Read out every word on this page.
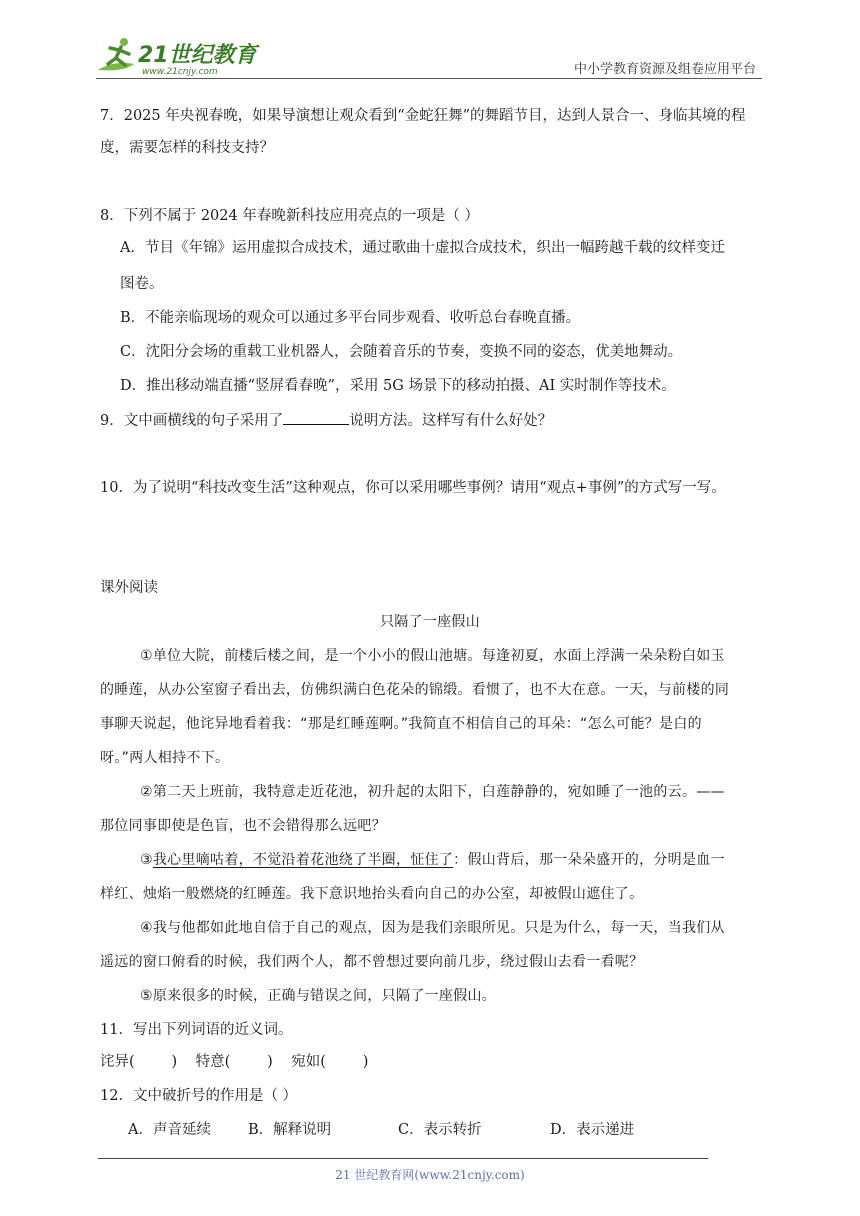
21世纪教育
www.21cnjy.com	中小学教育资源及组卷应用平台
7．2025 年央视春晚，如果导演想让观众看到“金蛇狂舞”的舞蹈节目，达到人景合一、身临其境的程
度，需要怎样的科技支持？
8．下列不属于 2024 年春晚新科技应用亮点的一项是（ ）
A．节目《年锦》运用虚拟合成技术，通过歌曲十虚拟合成技术，织出一幅跨越千载的纹样变迁
图卷。
B．不能亲临现场的观众可以通过多平台同步观看、收听总台春晚直播。
C．沈阳分会场的重载工业机器人，会随着音乐的节奏，变换不同的姿态，优美地舞动。
D．推出移动端直播“竖屏看春晚”，采用 5G 场景下的移动拍摄、AI 实时制作等技术。
9．文中画横线的句子采用了	说明方法。这样写有什么好处？
10．为了说明“科技改变生活”这种观点，你可以采用哪些事例？请用“观点+事例”的方式写一写。
课外阅读
只隔了一座假山
①单位大院，前楼后楼之间，是一个小小的假山池塘。每逢初夏，水面上浮满一朵朵粉白如玉
的睡莲，从办公室窗子看出去，仿佛织满白色花朵的锦缎。看惯了，也不大在意。一天，与前楼的同
事聊天说起，他诧异地看着我：“那是红睡莲啊。”我简直不相信自己的耳朵：“怎么可能？是白的
呀。”两人相持不下。
②第二天上班前，我特意走近花池，初升起的太阳下，白莲静静的，宛如睡了一池的云。——
那位同事即使是色盲，也不会错得那么远吧？
③我心里嘀咕着，不觉沿着花池绕了半圈，怔住了：假山背后，那一朵朵盛开的，分明是血一
样红、烛焰一般燃烧的红睡莲。我下意识地抬头看向自己的办公室，却被假山遮住了。
④我与他都如此地自信于自己的观点，因为是我们亲眼所见。只是为什么，每一天，当我们从
遥远的窗口俯看的时候，我们两个人，都不曾想过要向前几步，绕过假山去看一看呢？
⑤原来很多的时候，正确与错误之间，只隔了一座假山。
11．写出下列词语的近义词。
诧异(        )    特意(        )    宛如(        )
12．文中破折号的作用是（ ）
A．声音延续	B．解释说明	C．表示转折	D．表示递进
21 世纪教育网(www.21cnjy.com)
